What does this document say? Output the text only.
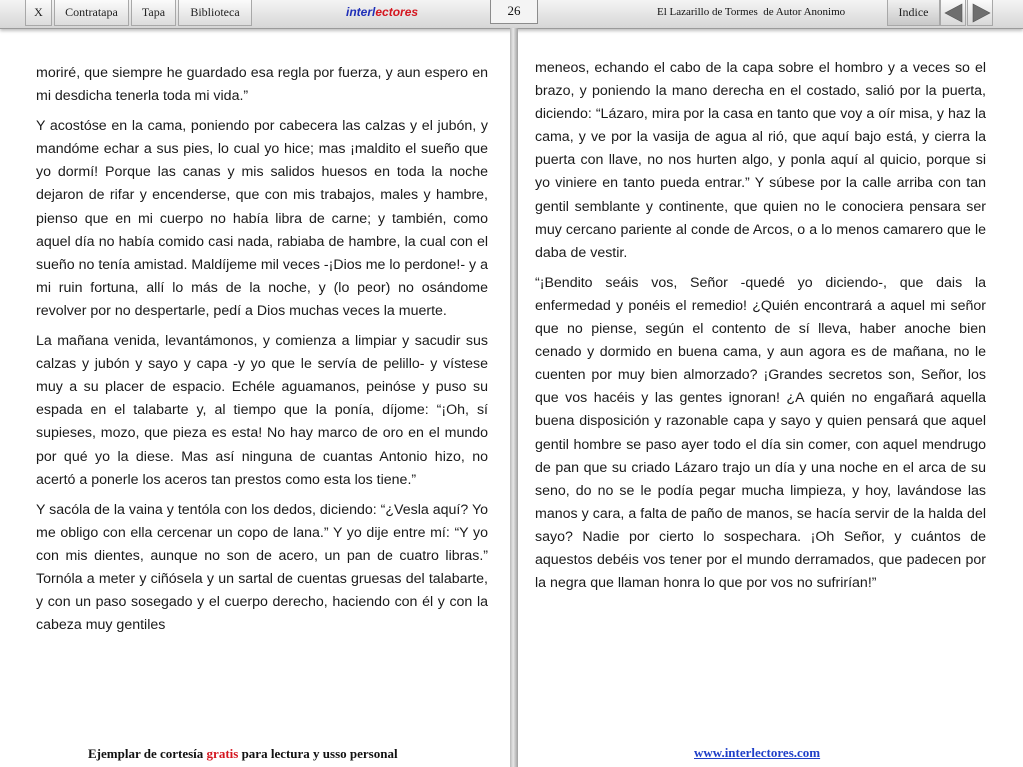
X	Contratapa	Tapa	Biblioteca	interlectores	26	El Lazarillo de Tormes  de Autor Anonimo	Indice

moriré, que siempre he guardado esa regla por fuerza, y aun espero en mi desdicha tenerla toda mi vida.”

Y acostóse en la cama, poniendo por cabecera las calzas y el jubón, y mandóme echar a sus pies, lo cual yo hice; mas ¡maldito el sueño que yo dormí! Porque las canas y mis salidos huesos en toda la noche dejaron de rifar y encenderse, que con mis trabajos, males y hambre, pienso que en mi cuerpo no había libra de carne; y también, como aquel día no había comido casi nada, rabiaba de hambre, la cual con el sueño no tenía amistad. Maldíjeme mil veces -¡Dios me lo perdone!- y a mi ruin fortuna, allí lo más de la noche, y (lo peor) no osándome revolver por no despertarle, pedí a Dios muchas veces la muerte.

La mañana venida, levantámonos, y comienza a limpiar y sacudir sus calzas y jubón y sayo y capa -y yo que le servía de pelillo- y vístese muy a su placer de espacio. Echéle aguamanos, peinóse y puso su espada en el talabarte y, al tiempo que la ponía, díjome: “¡Oh, sí supieses, mozo, que pieza es esta! No hay marco de oro en el mundo por qué yo la diese. Mas así ninguna de cuantas Antonio hizo, no acertó a ponerle los aceros tan prestos como esta los tiene.”

Y sacóla de la vaina y tentóla con los dedos, diciendo: “¿Vesla aquí? Yo me obligo con ella cercenar un copo de lana.” Y yo dije entre mí: “Y yo con mis dientes, aunque no son de acero, un pan de cuatro libras.” Tornóla a meter y ciñósela y un sartal de cuentas gruesas del talabarte, y con un paso sosegado y el cuerpo derecho, haciendo con él y con la cabeza muy gentiles

meneos, echando el cabo de la capa sobre el hombro y a veces so el brazo, y poniendo la mano derecha en el costado, salió por la puerta, diciendo: “Lázaro, mira por la casa en tanto que voy a oír misa, y haz la cama, y ve por la vasija de agua al rió, que aquí bajo está, y cierra la puerta con llave, no nos hurten algo, y ponla aquí al quicio, porque si yo viniere en tanto pueda entrar.” Y súbese por la calle arriba con tan gentil semblante y continente, que quien no le conociera pensara ser muy cercano pariente al conde de Arcos, o a lo menos camarero que le daba de vestir.

“¡Bendito seáis vos, Señor -quedé yo diciendo-, que dais la enfermedad y ponéis el remedio! ¿Quién encontrará a aquel mi señor que no piense, según el contento de sí lleva, haber anoche bien cenado y dormido en buena cama, y aun agora es de mañana, no le cuenten por muy bien almorzado? ¡Grandes secretos son, Señor, los que vos hacéis y las gentes ignoran! ¿A quién no engañará aquella buena disposición y razonable capa y sayo y quien pensará que aquel gentil hombre se paso ayer todo el día sin comer, con aquel mendrugo de pan que su criado Lázaro trajo un día y una noche en el arca de su seno, do no se le podía pegar mucha limpieza, y hoy, lavándose las manos y cara, a falta de paño de manos, se hacía servir de la halda del sayo? Nadie por cierto lo sospechara. ¡Oh Señor, y cuántos de aquestos debéis vos tener por el mundo derramados, que padecen por la negra que llaman honra lo que por vos no sufrirían!”

Ejemplar de cortesía gratis para lectura y usso personal	www.interlectores.com
